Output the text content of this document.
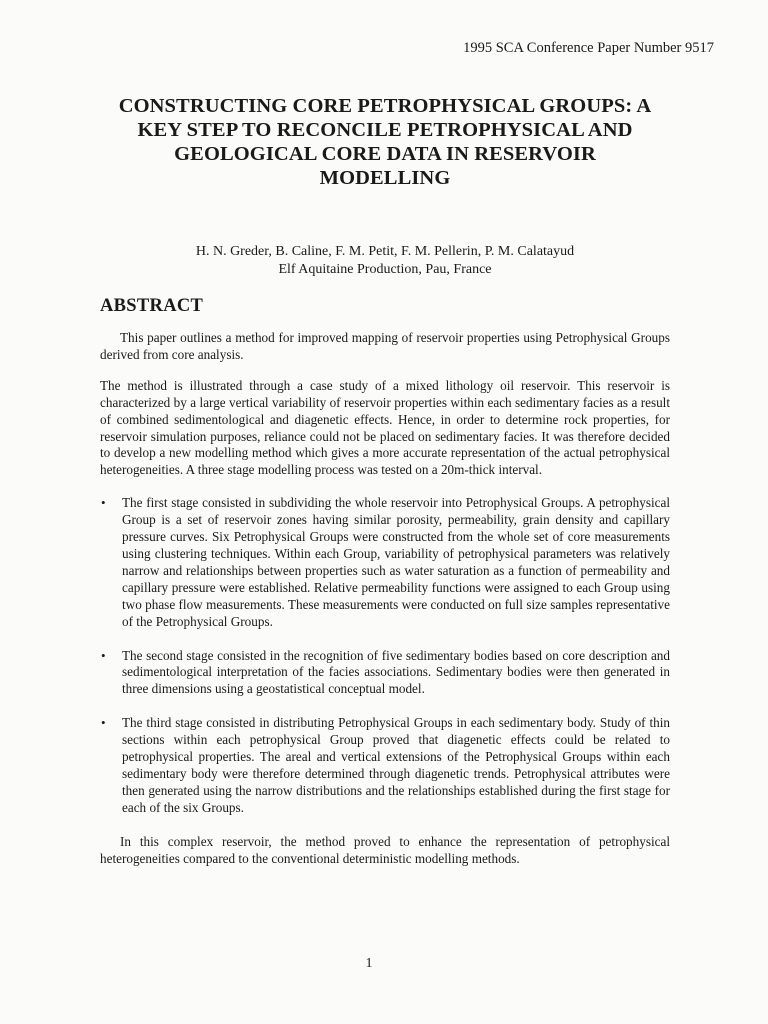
1995 SCA Conference Paper Number 9517
CONSTRUCTING CORE PETROPHYSICAL GROUPS: A
KEY STEP TO RECONCILE PETROPHYSICAL AND
GEOLOGICAL CORE DATA IN RESERVOIR
MODELLING
H. N. Greder, B. Caline, F. M. Petit, F. M. Pellerin, P. M. Calatayud
Elf Aquitaine Production, Pau, France
ABSTRACT

This paper outlines a method for improved mapping of reservoir properties using Petrophysical Groups derived from core analysis.

The method is illustrated through a case study of a mixed lithology oil reservoir. This reservoir is characterized by a large vertical variability of reservoir properties within each sedimentary facies as a result of combined sedimentological and diagenetic effects. Hence, in order to determine rock properties, for reservoir simulation purposes, reliance could not be placed on sedimentary facies. It was therefore decided to develop a new modelling method which gives a more accurate representation of the actual petrophysical heterogeneities. A three stage modelling process was tested on a 20m-thick interval.

• The first stage consisted in subdividing the whole reservoir into Petrophysical Groups. A petrophysical Group is a set of reservoir zones having similar porosity, permeability, grain density and capillary pressure curves. Six Petrophysical Groups were constructed from the whole set of core measurements using clustering techniques. Within each Group, variability of petrophysical parameters was relatively narrow and relationships between properties such as water saturation as a function of permeability and capillary pressure were established. Relative permeability functions were assigned to each Group using two phase flow measurements. These measurements were conducted on full size samples representative of the Petrophysical Groups.
• The second stage consisted in the recognition of five sedimentary bodies based on core description and sedimentological interpretation of the facies associations. Sedimentary bodies were then generated in three dimensions using a geostatistical conceptual model.
• The third stage consisted in distributing Petrophysical Groups in each sedimentary body. Study of thin sections within each petrophysical Group proved that diagenetic effects could be related to petrophysical properties. The areal and vertical extensions of the Petrophysical Groups within each sedimentary body were therefore determined through diagenetic trends. Petrophysical attributes were then generated using the narrow distributions and the relationships established during the first stage for each of the six Groups.

In this complex reservoir, the method proved to enhance the representation of petrophysical heterogeneities compared to the conventional deterministic modelling methods.

1
